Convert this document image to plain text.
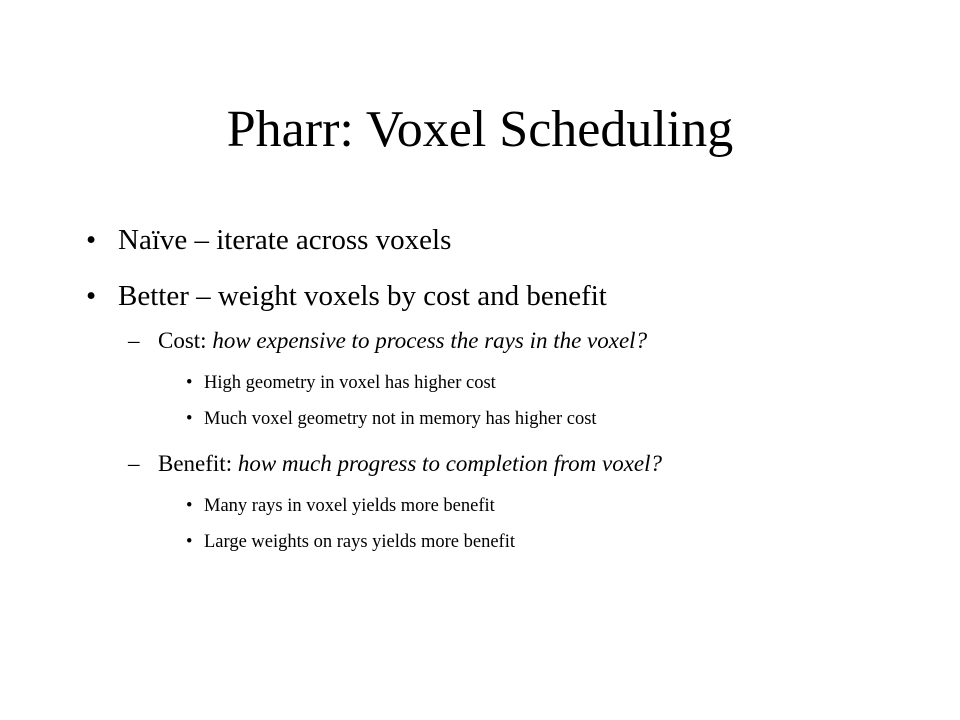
Pharr: Voxel Scheduling
• Naïve – iterate across voxels
• Better – weight voxels by cost and benefit
– Cost: how expensive to process the rays in the voxel?
• High geometry in voxel has higher cost
• Much voxel geometry not in memory has higher cost
– Benefit: how much progress to completion from voxel?
• Many rays in voxel yields more benefit
• Large weights on rays yields more benefit
